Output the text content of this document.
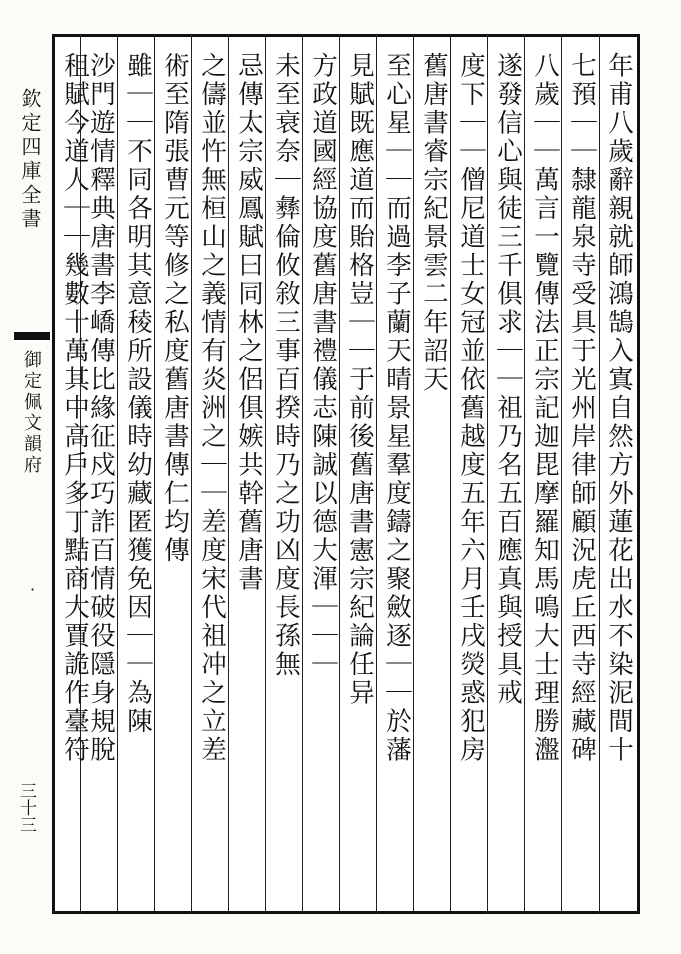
欽定四庫全書
御定佩文韻府
·
三十三
年甫八歲辭親就師鴻鵠入寘自然方外蓮花出水不染泥間十
七預｜｜隸龍泉寺受具于光州岸律師顧況虎丘西寺經藏碑
八歲｜｜萬言一覽傳法正宗記迦毘摩羅知馬鳴大士理勝瀊
遂發信心與徒三千俱求｜｜祖乃名五百應真與授具戒
度下｜｜僧尼道士女冠並依舊越度五年六月壬戌熒惑犯房
舊唐書睿宗紀景雲二年詔天
至心星｜｜而過李子蘭天晴景星羣度鑄之聚斂逐｜｜於藩
見賦既應道而貽格豈｜｜于前後舊唐書憲宗紀論任异
方政道國經協度舊唐書禮儀志陳誠以德大渾｜｜｜
未至衰奈｜彝倫攸敘三事百揆時乃之功凶度長孫無
忌傳太宗威鳳賦曰同林之侶俱嫉共幹舊唐書
之儔並忤無桓山之義情有炎洲之｜｜差度宋代祖冲之立差
術至隋張曹元等修之私度舊唐書傳仁均傳
雖｜｜不同各明其意稜所設儀時幼藏匿獲免因｜｜為陳
沙門遊情釋典唐書李嶠傳比緣征戍巧詐百情破役隱身規脫
租賦今道人｜｜幾數十萬其中高戶多丁黠商大賈詭作臺符
